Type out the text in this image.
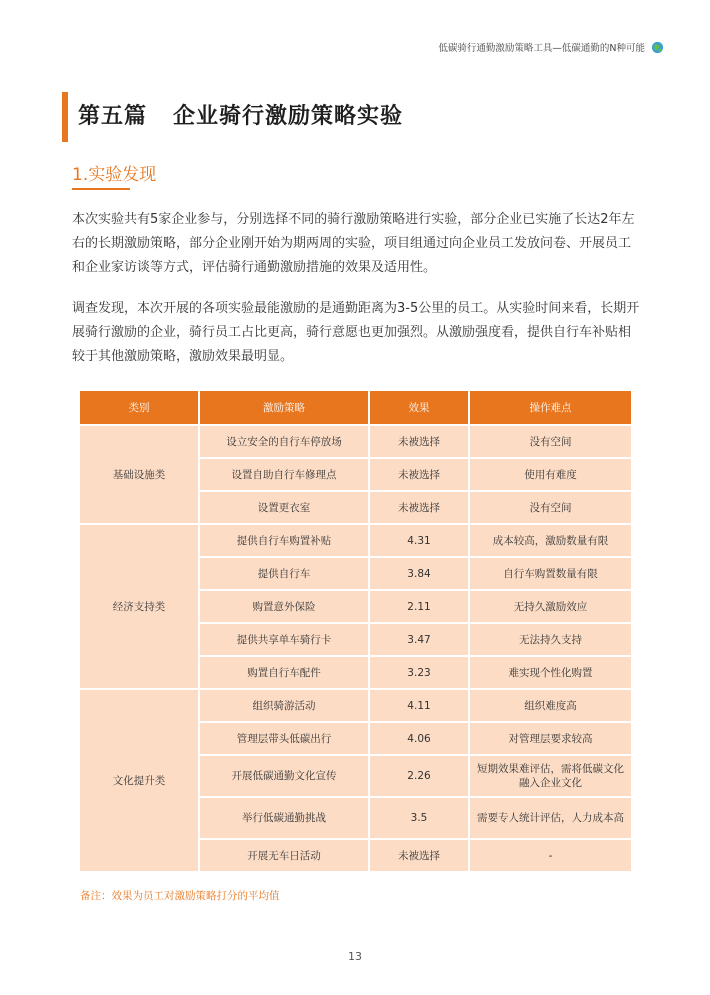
低碳骑行通勤激励策略工具—低碳通勤的N种可能
第五篇   企业骑行激励策略实验
1.实验发现

本次实验共有5家企业参与，分别选择不同的骑行激励策略进行实验，部分企业已实施了长达2年左右的长期激励策略，部分企业刚开始为期两周的实验，项目组通过向企业员工发放问卷、开展员工和企业家访谈等方式，评估骑行通勤激励措施的效果及适用性。

调查发现，本次开展的各项实验最能激励的是通勤距离为3-5公里的员工。从实验时间来看，长期开展骑行激励的企业，骑行员工占比更高，骑行意愿也更加强烈。从激励强度看，提供自行车补贴相较于其他激励策略，激励效果最明显。

类别	激励策略	效果	操作难点
基础设施类	设立安全的自行车停放场	未被选择	没有空间
	设置自助自行车修理点	未被选择	使用有难度
	设置更衣室	未被选择	没有空间
经济支持类	提供自行车购置补贴	4.31	成本较高，激励数量有限
	提供自行车	3.84	自行车购置数量有限
	购置意外保险	2.11	无持久激励效应
	提供共享单车骑行卡	3.47	无法持久支持
	购置自行车配件	3.23	难实现个性化购置
文化提升类	组织骑游活动	4.11	组织难度高
	管理层带头低碳出行	4.06	对管理层要求较高
	开展低碳通勤文化宣传	2.26	短期效果难评估，需将低碳文化融入企业文化
	举行低碳通勤挑战	3.5	需要专人统计评估，人力成本高
	开展无车日活动	未被选择	-
备注：效果为员工对激励策略打分的平均值
13
